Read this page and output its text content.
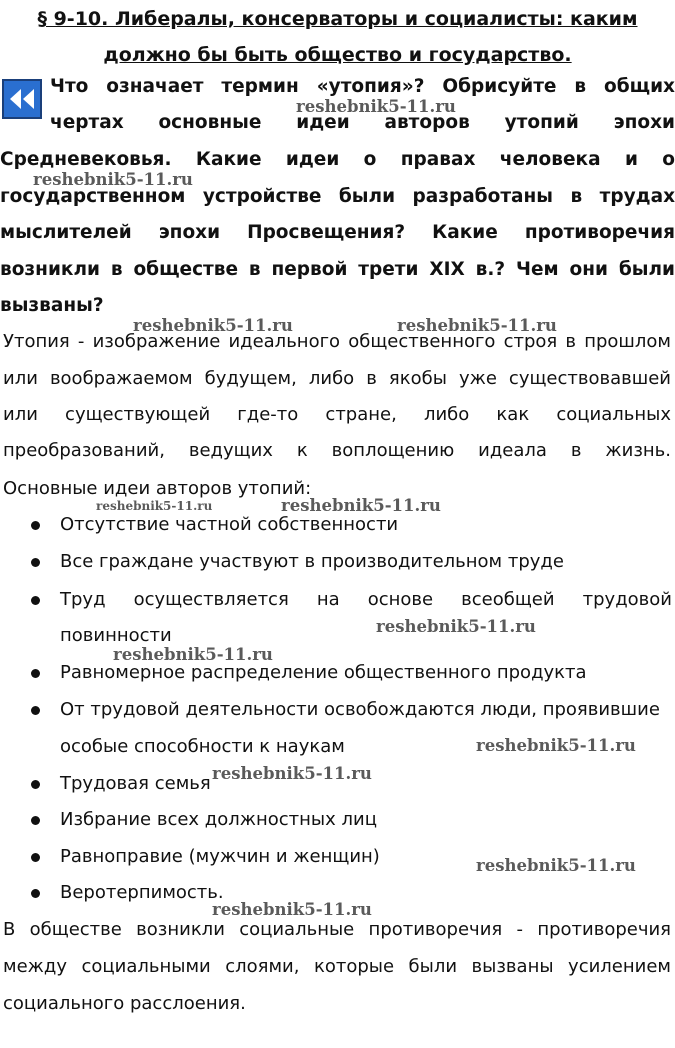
§ 9-10. Либералы, консерваторы и социалисты: каким
должно бы быть общество и государство.
Что означает термин «утопия»? Обрисуйте в общих
чертах основные идеи авторов утопий эпохи
Средневековья. Какие идеи о правах человека и о
государственном устройстве были разработаны в трудах
мыслителей эпохи Просвещения? Какие противоречия
возникли в обществе в первой трети XIX в.? Чем они были
вызваны?
Утопия - изображение идеального общественного строя в прошлом
или воображаемом будущем, либо в якобы уже существовавшей
или существующей где-то стране, либо как социальных
преобразований, ведущих к воплощению идеала в жизнь.
Основные идеи авторов утопий:
Отсутствие частной собственности
Все граждане участвуют в производительном труде
Труд осуществляется на основе всеобщей трудовой
повинности
Равномерное распределение общественного продукта
От трудовой деятельности освобождаются люди, проявившие
особые способности к наукам
Трудовая семья
Избрание всех должностных лиц
Равноправие (мужчин и женщин)
Веротерпимость.
В обществе возникли социальные противоречия - противоречия
между социальными слоями, которые были вызваны усилением
социального расслоения.
reshebnik5-11.ru
reshebnik5-11.ru
reshebnik5-11.ru	reshebnik5-11.ru
reshebnik5-11.ru	reshebnik5-11.ru
reshebnik5-11.ru
reshebnik5-11.ru
reshebnik5-11.ru
reshebnik5-11.ru
reshebnik5-11.ru
reshebnik5-11.ru
